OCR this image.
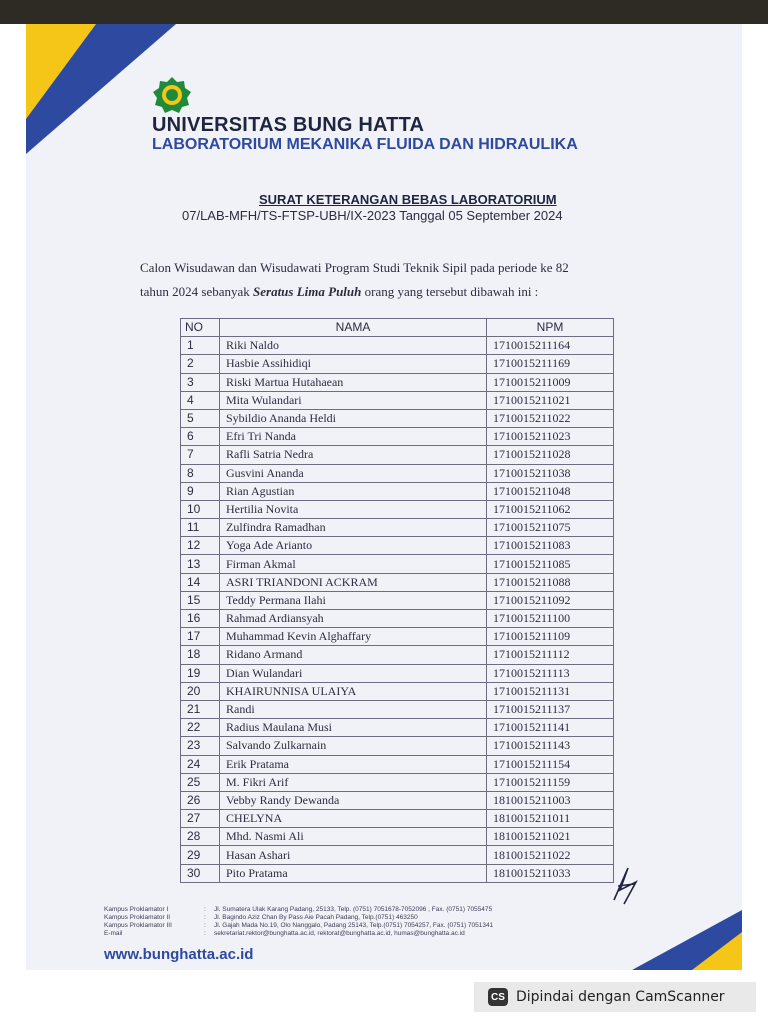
UNIVERSITAS BUNG HATTA
LABORATORIUM MEKANIKA FLUIDA DAN HIDRAULIKA
SURAT KETERANGAN BEBAS LABORATORIUM
07/LAB-MFH/TS-FTSP-UBH/IX-2023 Tanggal 05 September 2024

Calon Wisudawan dan Wisudawati Program Studi Teknik Sipil pada periode ke 82

tahun 2024 sebanyak Seratus Lima Puluh orang yang tersebut dibawah ini :

NO	NAMA	NPM
1	Riki Naldo	1710015211164
2	Hasbie Assihidiqi	1710015211169
3	Riski Martua Hutahaean	1710015211009
4	Mita Wulandari	1710015211021
5	Sybildio Ananda Heldi	1710015211022
6	Efri Tri Nanda	1710015211023
7	Rafli Satria Nedra	1710015211028
8	Gusvini Ananda	1710015211038
9	Rian Agustian	1710015211048
10	Hertilia Novita	1710015211062
11	Zulfindra Ramadhan	1710015211075
12	Yoga Ade Arianto	1710015211083
13	Firman Akmal	1710015211085
14	ASRI TRIANDONI ACKRAM	1710015211088
15	Teddy Permana Ilahi	1710015211092
16	Rahmad Ardiansyah	1710015211100
17	Muhammad Kevin Alghaffary	1710015211109
18	Ridano Armand	1710015211112
19	Dian Wulandari	1710015211113
20	KHAIRUNNISA ULAIYA	1710015211131
21	Randi	1710015211137
22	Radius Maulana Musi	1710015211141
23	Salvando Zulkarnain	1710015211143
24	Erik Pratama	1710015211154
25	M. Fikri Arif	1710015211159
26	Vebby Randy Dewanda	1810015211003
27	CHELYNA	1810015211011
28	Mhd. Nasmi Ali	1810015211021
29	Hasan Ashari	1810015211022
30	Pito Pratama	1810015211033
Kampus Proklamator I	:	Jl. Sumatera Ulak Karang Padang, 25133, Telp. (0751) 7051678-7052096 , Fax. (0751) 7055475
Kampus Proklamator II	:	Jl. Bagindo Aziz Chan By Pass Aie Pacah Padang, Telp.(0751) 463250
Kampus Proklamator III	:	Jl. Gajah Mada No.19, Olo Nanggalo, Padang 25143, Telp.(0751) 7054257, Fax. (0751) 7051341
E-mail	:	sekretariat.rektor@bunghatta.ac.id, rektorat@bunghatta.ac.id, humas@bunghatta.ac.id
www.bunghatta.ac.id
CS Dipindai dengan CamScanner
